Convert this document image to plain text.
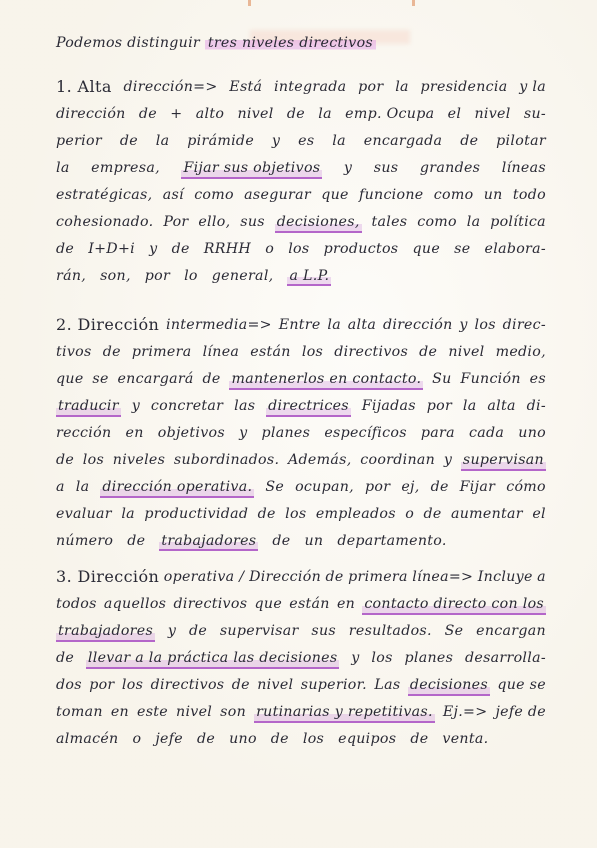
Podemos distinguir tres niveles directivos
1. Alta dirección=> Está integrada por la presidencia y la
dirección de + alto nivel de la emp. Ocupa el nivel su-
perior de la pirámide y es la encargada de pilotar
la empresa, Fijar sus objetivos y sus grandes líneas
estratégicas, así como asegurar que funcione como un todo
cohesionado. Por ello, sus decisiones, tales como la política
de I+D+i y de RRHH o los productos que se elabora-
rán, son, por lo general, a L.P.
2. Dirección intermedia=> Entre la alta dirección y los direc-
tivos de primera línea están los directivos de nivel medio,
que se encargará de mantenerlos en contacto. Su Función es
traducir y concretar las directrices Fijadas por la alta di-
rección en objetivos y planes específicos para cada uno
de los niveles subordinados. Además, coordinan y supervisan
a la dirección operativa. Se ocupan, por ej, de Fijar cómo
evaluar la productividad de los empleados o de aumentar el
número de trabajadores de un departamento.
3. Dirección operativa / Dirección de primera línea=> Incluye a
todos aquellos directivos que están en contacto directo con los
trabajadores y de supervisar sus resultados. Se encargan
de llevar a la práctica las decisiones y los planes desarrolla-
dos por los directivos de nivel superior. Las decisiones que se
toman en este nivel son rutinarias y repetitivas. Ej.=> jefe de
almacén o jefe de uno de los equipos de venta.
